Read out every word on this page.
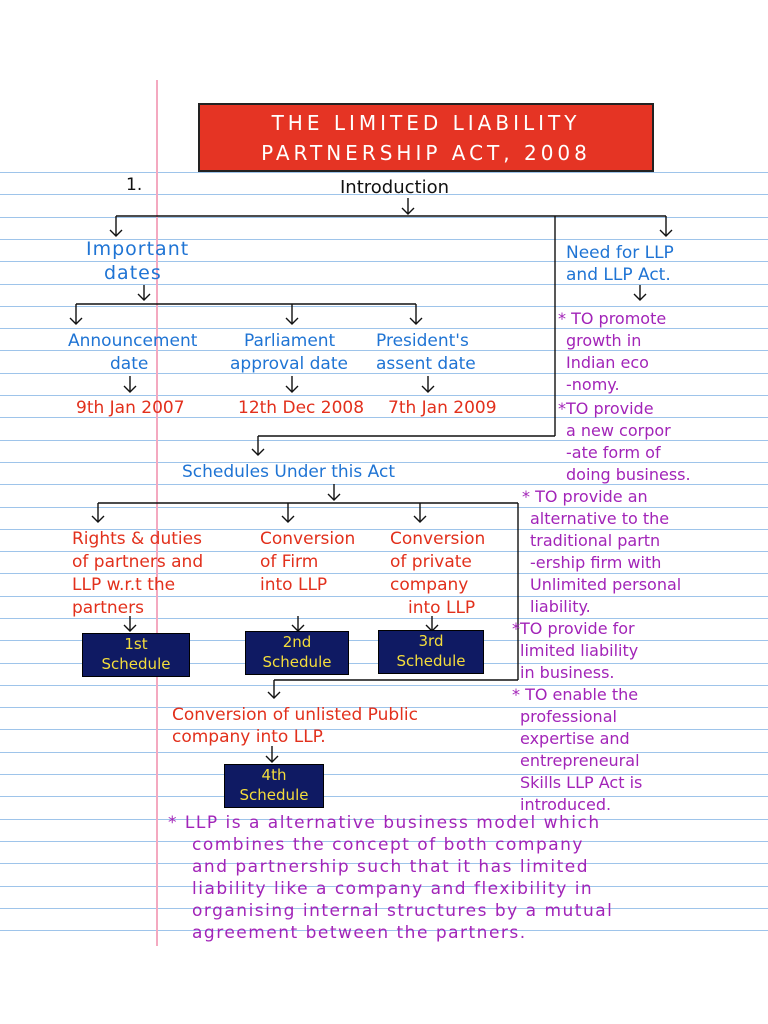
THE LIMITED LIABILITY
PARTNERSHIP ACT, 2008
1.	Introduction
Important
dates
Announcement
date
Parliament
approval date
President's
assent date
9th Jan 2007	12th Dec 2008 7th Jan 2009
Need for LLP
and LLP Act.
* TO promote
growth in
Indian eco
-nomy.
*TO provide
a new corpor
-ate form of
doing business.
* TO provide an
alternative to the
traditional partn
-ership firm with
Unlimited personal
liability.
*TO provide for
limited liability
in business.
* TO enable the
professional
expertise and
entrepreneural
Skills LLP Act is
introduced.
Schedules Under this Act
Rights & duties
of partners and
LLP w.r.t the
partners
Conversion
of Firm
into LLP
Conversion
of private
company
into LLP
1st
Schedule
2nd
Schedule
3rd
Schedule
Conversion of unlisted Public
company into LLP.
4th
Schedule
* LLP is a alternative business model which
combines the concept of both company
and partnership such that it has limited
liability like a company and flexibility in
organising internal structures by a mutual
agreement between the partners.
